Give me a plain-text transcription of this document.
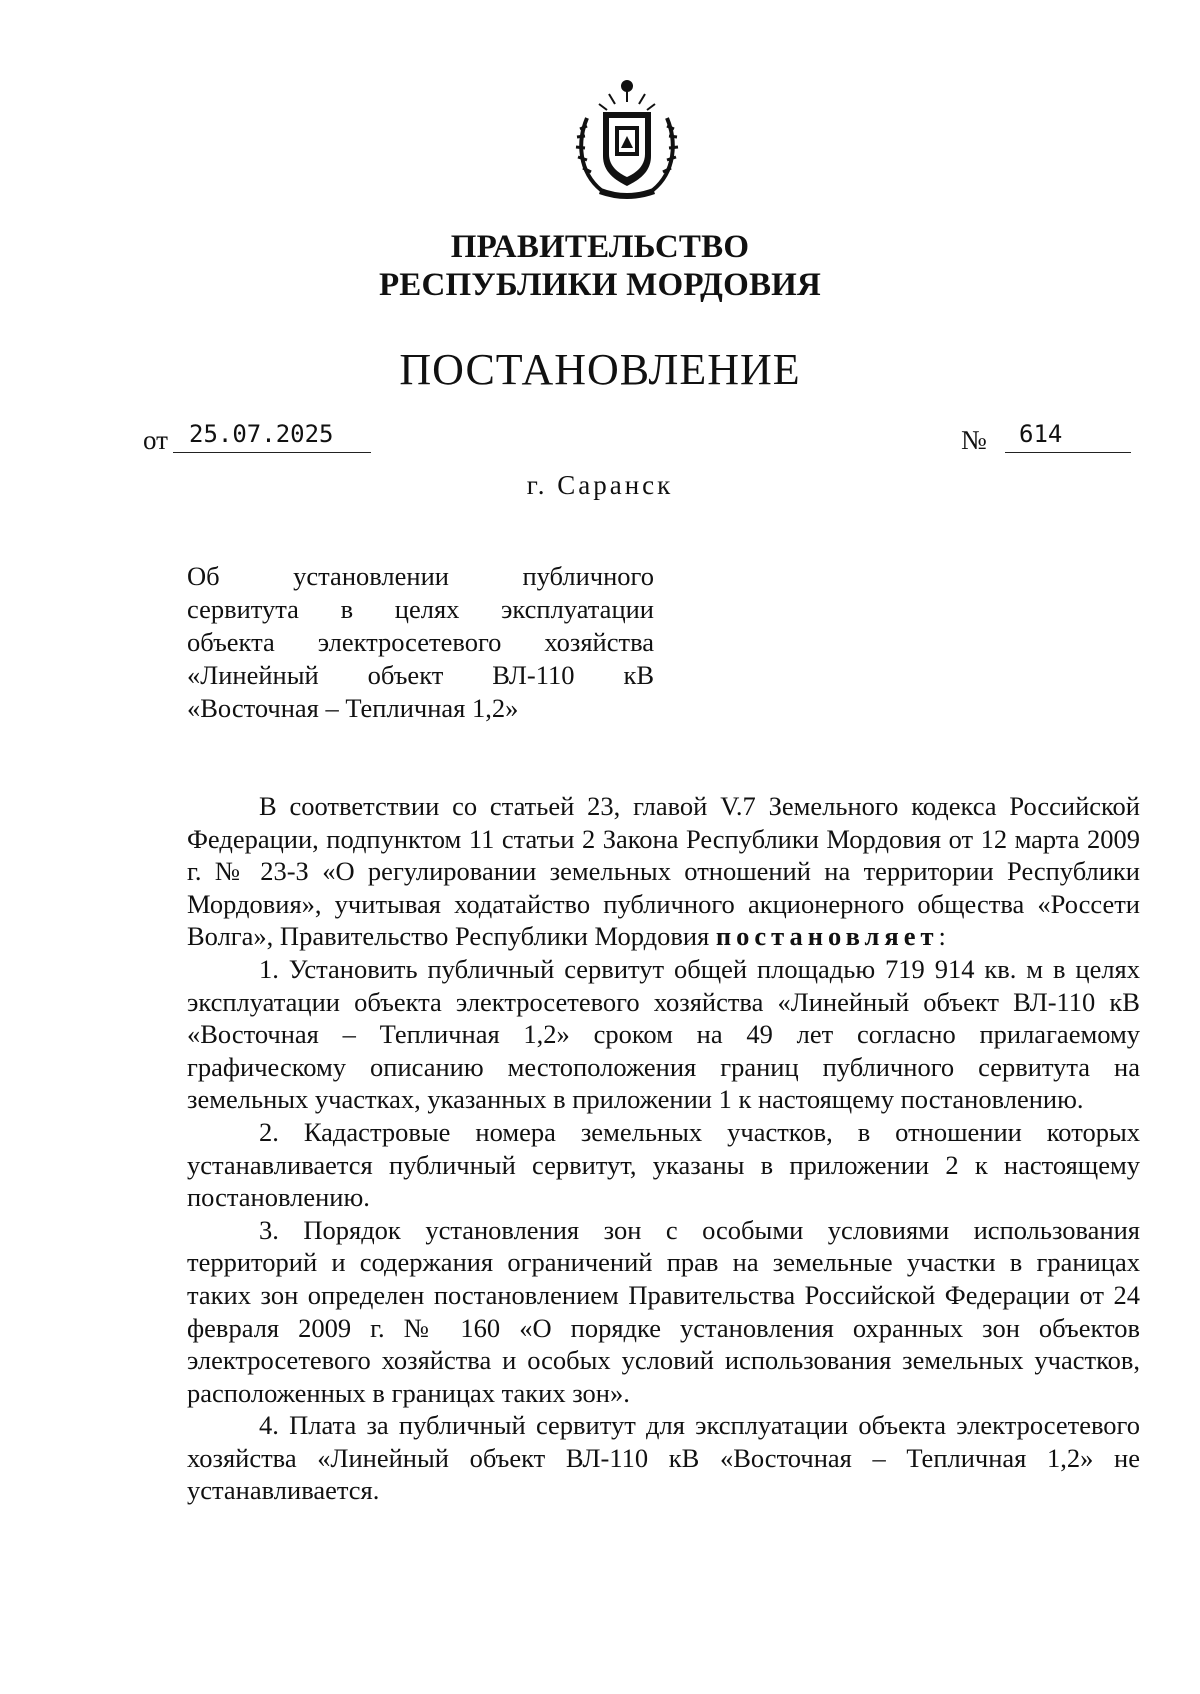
ПРАВИТЕЛЬСТВО
РЕСПУБЛИКИ МОРДОВИЯ
ПОСТАНОВЛЕНИЕ
от 25.07.2025	№	614
г. Саранск
Об установлении публичного
сервитута в целях эксплуатации
объекта электросетевого хозяйства
«Линейный объект ВЛ-110 кВ
«Восточная – Тепличная 1,2»

В соответствии со статьей 23, главой V.7 Земельного кодекса Российской Федерации, подпунктом 11 статьи 2 Закона Республики Мордовия от 12 марта 2009 г. № 23-З «О регулировании земельных отношений на территории Республики Мордовия», учитывая ходатайство публичного акционерного общества «Россети Волга», Правительство Республики Мордовия постановляет:

1. Установить публичный сервитут общей площадью 719 914 кв. м в целях эксплуатации объекта электросетевого хозяйства «Линейный объект ВЛ-110 кВ «Восточная – Тепличная 1,2» сроком на 49 лет согласно прилагаемому графическому описанию местоположения границ публичного сервитута на земельных участках, указанных в приложении 1 к настоящему постановлению.

2. Кадастровые номера земельных участков, в отношении которых устанавливается публичный сервитут, указаны в приложении 2 к настоящему постановлению.

3. Порядок установления зон с особыми условиями использования территорий и содержания ограничений прав на земельные участки в границах таких зон определен постановлением Правительства Российской Федерации от 24 февраля 2009 г. № 160 «О порядке установления охранных зон объектов электросетевого хозяйства и особых условий использования земельных участков, расположенных в границах таких зон».

4. Плата за публичный сервитут для эксплуатации объекта электросетевого хозяйства «Линейный объект ВЛ-110 кВ «Восточная – Тепличная 1,2» не устанавливается.
